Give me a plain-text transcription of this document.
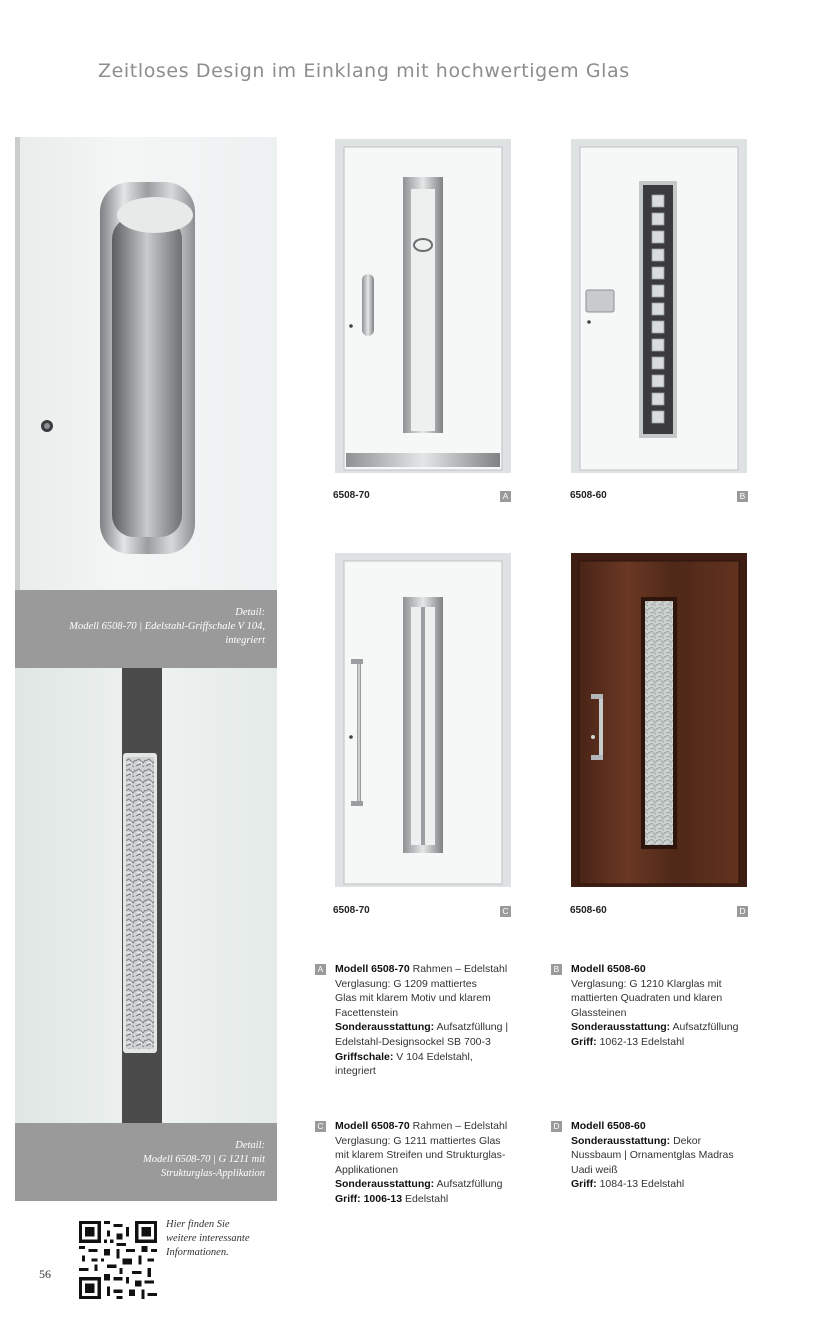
Zeitloses Design im Einklang mit hochwertigem Glas
Detail:
Modell 6508-70 | Edelstahl-Griffschale V 104,
integriert
Detail:
Modell 6508-70 | G 1211 mit
Strukturglas-Applikation
6508-70	A	6508-60	B
6508-70	C	6508-60	D
A Modell 6508-70 Rahmen – Edelstahl
Verglasung: G 1209 mattiertes
Glas mit klarem Motiv und klarem
Facettenstein
Sonderausstattung: Aufsatzfüllung |
Edelstahl-Designsockel SB 700-3
Griffschale: V 104 Edelstahl,
integriert
B Modell 6508-60
Verglasung: G 1210 Klarglas mit
mattierten Quadraten und klaren
Glassteinen
Sonderausstattung: Aufsatzfüllung
Griff: 1062-13 Edelstahl
C Modell 6508-70 Rahmen – Edelstahl
Verglasung: G 1211 mattiertes Glas
mit klarem Streifen und Strukturglas-
Applikationen
Sonderausstattung: Aufsatzfüllung
Griff: 1006-13 Edelstahl
D Modell 6508-60
Sonderausstattung: Dekor
Nussbaum | Ornamentglas Madras
Uadi weiß
Griff: 1084-13 Edelstahl
Hier finden Sie
weitere interessante
Informationen.
56
